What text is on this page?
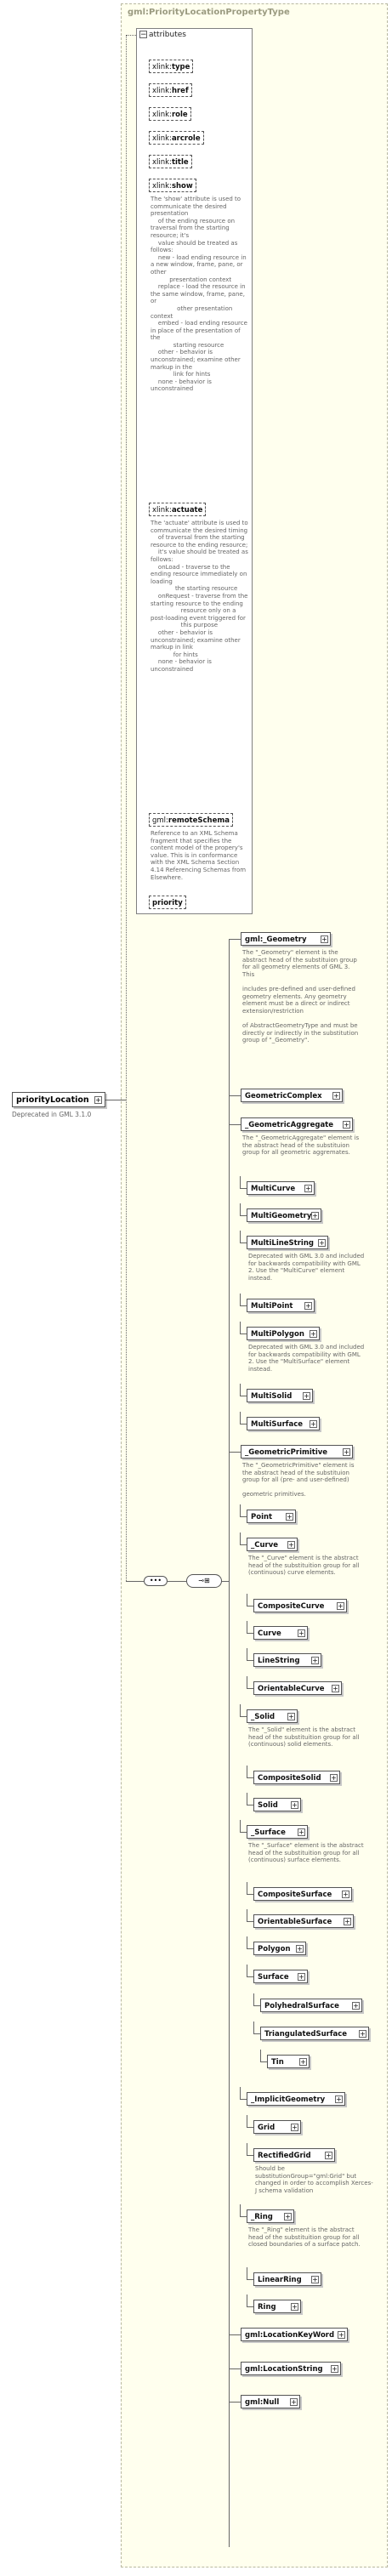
gml:PriorityLocationPropertyType
− attributes
xlink:type
xlink:href
xlink:role
xlink:arcrole
xlink:title
xlink:show
The 'show' attribute is used to communicate the desired presentation
of the ending resource on traversal from the starting resource; it's
value should be treated as follows:
new - load ending resource in a new window, frame, pane, or other
presentation context
replace - load the resource in the same window, frame, pane, or
other presentation context
embed - load ending resource in place of the presentation of the
starting resource
other - behavior is unconstrained; examine other markup in the
link for hints
none - behavior is unconstrained
xlink:actuate
The 'actuate' attribute is used to communicate the desired timing
of traversal from the starting resource to the ending resource;
it's value should be treated as follows:
onLoad - traverse to the ending resource immediately on loading
the starting resource
onRequest - traverse from the starting resource to the ending
resource only on a post-loading event triggered for
this purpose
other - behavior is unconstrained; examine other markup in link
for hints
none - behavior is unconstrained
gml:remoteSchema
Reference to an XML Schema fragment that specifies the content model of the propery's value. This is in conformance with the XML Schema Section 4.14 Referencing Schemas from Elsewhere.
priority
priorityLocation +
Deprecated in GML 3.1.0
•••	⊸⊞
gml:_Geometry +
The "_Geometry" element is the abstract head of the substituion group for all geometry elements of GML 3. This

includes pre-defined and user-defined geometry elements. Any geometry element must be a direct or indirect extension/restriction

of AbstractGeometryType and must be directly or indirectly in the substitution group of "_Geometry".
GeometricComplex +
_GeometricAggregate +
The "_GeometricAggregate" element is the abstract head of the substituion group for all geometric aggremates.
MultiCurve +
MultiGeometry +
MultiLineString +
Deprecated with GML 3.0 and included for backwards compatibility with GML 2. Use the "MultiCurve" element instead.
MultiPoint +
MultiPolygon +
Deprecated with GML 3.0 and included for backwards compatibility with GML 2. Use the "MultiSurface" element instead.
MultiSolid +
MultiSurface +
_GeometricPrimitive +
The "_GeometricPrimitive" element is the abstract head of the substituion group for all (pre- and user-defined)

geometric primitives.
Point +
_Curve +
The "_Curve" element is the abstract head of the substituition group for all (continuous) curve elements.
CompositeCurve +
Curve	+
LineString +
OrientableCurve +
_Solid +
The "_Solid" element is the abstract head of the substituition group for all (continuous) solid elements.
CompositeSolid +
Solid +
_Surface +
The "_Surface" element is the abstract head of the substituition group for all (continuous) surface elements.
CompositeSurface +
OrientableSurface +
Polygon +
Surface +
PolyhedralSurface +
TriangulatedSurface +
Tin +
_ImplicitGeometry +
Grid +
RectifiedGrid +
Should be substitutionGroup="gml:Grid" but changed in order to accomplish Xerces-J schema validation
_Ring +
The "_Ring" element is the abstract head of the substituition group for all closed boundaries of a surface patch.
LinearRing +
Ring +
gml:LocationKeyWord +
gml:LocationString +
gml:Null +
